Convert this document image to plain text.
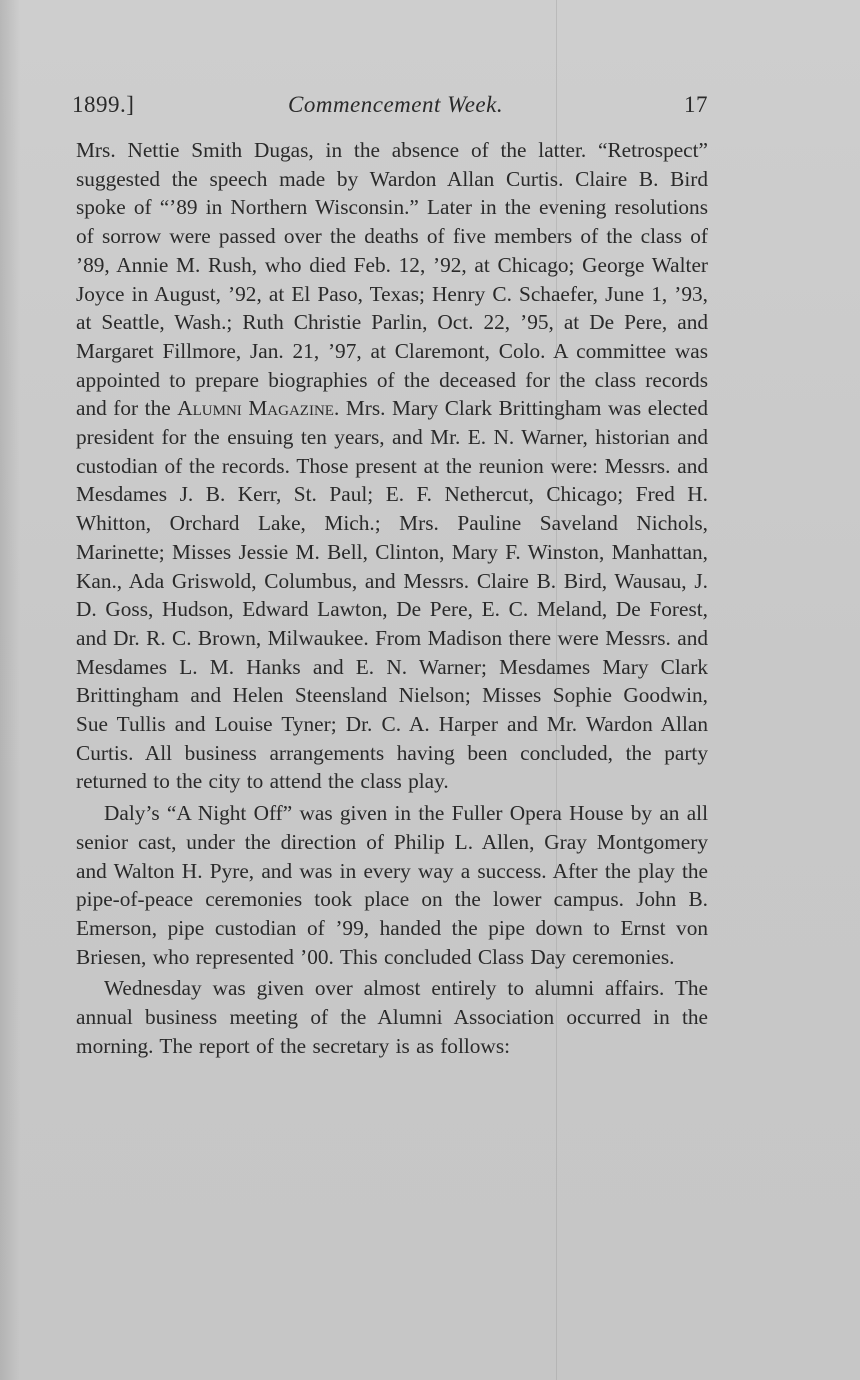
1899.]	Commencement Week.	17

Mrs. Nettie Smith Dugas, in the absence of the latter. “Retrospect” suggested the speech made by Wardon Allan Curtis. Claire B. Bird spoke of “’89 in Northern Wisconsin.” Later in the evening resolutions of sorrow were passed over the deaths of five members of the class of ’89, Annie M. Rush, who died Feb. 12, ’92, at Chicago; George Walter Joyce in August, ’92, at El Paso, Texas; Henry C. Schaefer, June 1, ’93, at Seattle, Wash.; Ruth Christie Parlin, Oct. 22, ’95, at De Pere, and Margaret Fillmore, Jan. 21, ’97, at Claremont, Colo. A committee was appointed to prepare biographies of the deceased for the class records and for the Alumni Magazine. Mrs. Mary Clark Brittingham was elected president for the ensuing ten years, and Mr. E. N. Warner, historian and custodian of the records. Those present at the reunion were: Messrs. and Mesdames J. B. Kerr, St. Paul; E. F. Nethercut, Chicago; Fred H. Whitton, Orchard Lake, Mich.; Mrs. Pauline Saveland Nichols, Marinette; Misses Jessie M. Bell, Clinton, Mary F. Winston, Manhattan, Kan., Ada Griswold, Columbus, and Messrs. Claire B. Bird, Wausau, J. D. Goss, Hudson, Edward Lawton, De Pere, E. C. Meland, De Forest, and Dr. R. C. Brown, Milwaukee. From Madison there were Messrs. and Mesdames L. M. Hanks and E. N. Warner; Mesdames Mary Clark Brittingham and Helen Steensland Nielson; Misses Sophie Goodwin, Sue Tullis and Louise Tyner; Dr. C. A. Harper and Mr. Wardon Allan Curtis. All business arrangements having been concluded, the party returned to the city to attend the class play.

Daly’s “A Night Off” was given in the Fuller Opera House by an all senior cast, under the direction of Philip L. Allen, Gray Montgomery and Walton H. Pyre, and was in every way a success. After the play the pipe-of-peace ceremonies took place on the lower campus. John B. Emerson, pipe custodian of ’99, handed the pipe down to Ernst von Briesen, who represented ’00. This concluded Class Day ceremonies.

Wednesday was given over almost entirely to alumni affairs. The annual business meeting of the Alumni Association occurred in the morning. The report of the secretary is as follows:
